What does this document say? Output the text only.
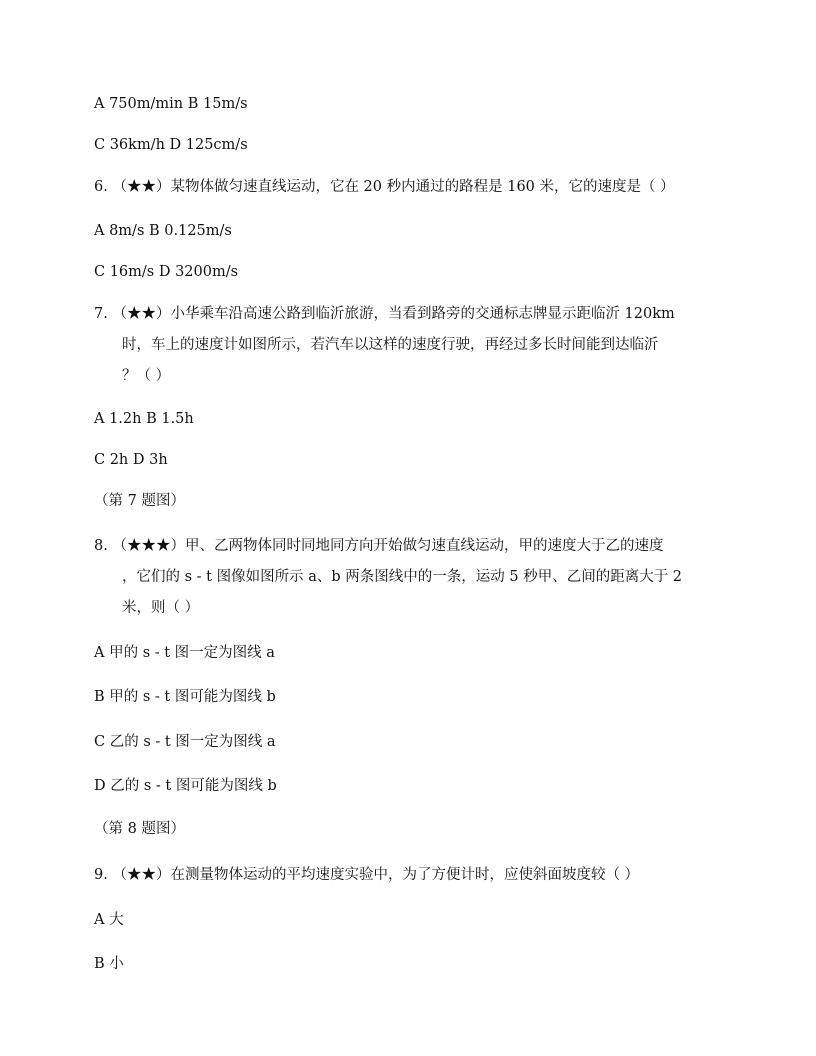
A 750m/min B 15m/s
C 36km/h D 125cm/s
6. （★★）某物体做匀速直线运动，它在 20 秒内通过的路程是 160 米，它的速度是（ ）
A 8m/s B 0.125m/s
C 16m/s D 3200m/s
7. （★★）小华乘车沿高速公路到临沂旅游，当看到路旁的交通标志牌显示距临沂 120km
时，车上的速度计如图所示，若汽车以这样的速度行驶，再经过多长时间能到达临沂
？（ ）
A 1.2h B 1.5h
C 2h D 3h
（第 7 题图）
8. （★★★）甲、乙两物体同时同地同方向开始做匀速直线运动，甲的速度大于乙的速度
，它们的 s - t 图像如图所示 a、b 两条图线中的一条，运动 5 秒甲、乙间的距离大于 2
米，则（ ）
A 甲的 s - t 图一定为图线 a
B 甲的 s - t 图可能为图线 b
C 乙的 s - t 图一定为图线 a
D 乙的 s - t 图可能为图线 b
（第 8 题图）
9. （★★）在测量物体运动的平均速度实验中，为了方便计时，应使斜面坡度较（ ）
A 大
B 小
